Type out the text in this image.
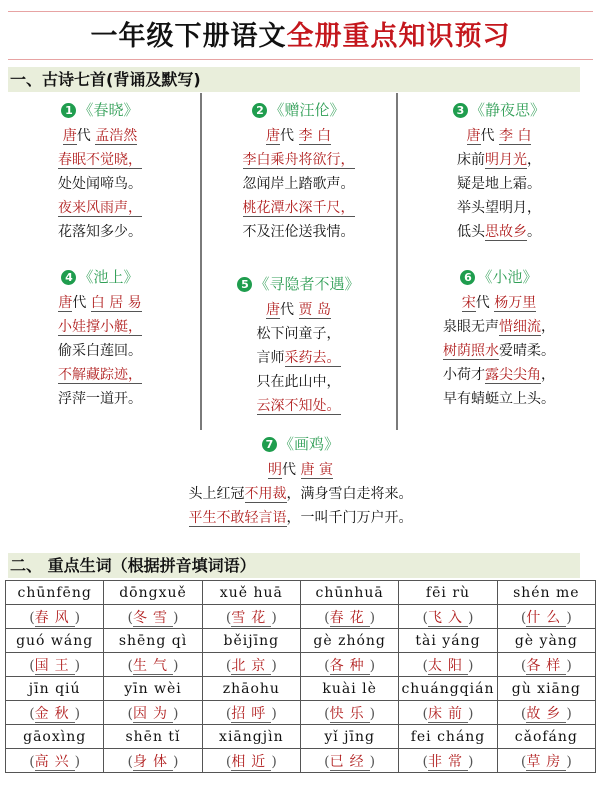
一年级下册语文全册重点知识预习
一、古诗七首(背诵及默写)
1 《春晓》
唐代 孟浩然
春眠不觉晓，
处处闻啼鸟。
夜来风雨声，
花落知多少。
2 《赠汪伦》
唐代 李 白
李白乘舟将欲行，
忽闻岸上踏歌声。
桃花潭水深千尺，
不及汪伦送我情。
3 《静夜思》
唐代 李 白
床前明月光，
疑是地上霜。
举头望明月，
低头思故乡。
4 《池上》
唐代 白 居 易
小娃撑小艇，
偷采白莲回。
不解藏踪迹，
浮萍一道开。
5 《寻隐者不遇》
唐代 贾 岛
松下问童子，
言师采药去。
只在此山中，
云深不知处。
6 《小池》
宋代 杨万里
泉眼无声惜细流，
树荫照水爱晴柔。
小荷才露尖尖角，
早有蜻蜓立上头。
7 《画鸡》
明代 唐 寅
头上红冠不用裁，满身雪白走将来。
平生不敢轻言语，一叫千门万户开。
二、 重点生词（根据拼音填词语）
chūnfēng	dōngxuě	xuě huā	chūnhuā	fēi rù	shén me
(春风)	(冬雪)	(雪花)	(春花)	(飞入)	(什么)
guó wáng	shēng qì	běijīng	gè zhóng	tài yáng	gè yàng
(国王)	(生气)	(北京)	(各种)	(太阳)	(各样)
jīn qiú	yīn wèi	zhāohu	kuài lè	chuángqián	gù xiāng
(金秋)	(因为)	(招呼)	(快乐)	(床前)	(故乡)
gāoxìng	shēn tǐ	xiāngjìn	yǐ jīng	fei cháng	cǎofáng
(高兴)	(身体)	(相近)	(已经)	(非常)	(草房)
